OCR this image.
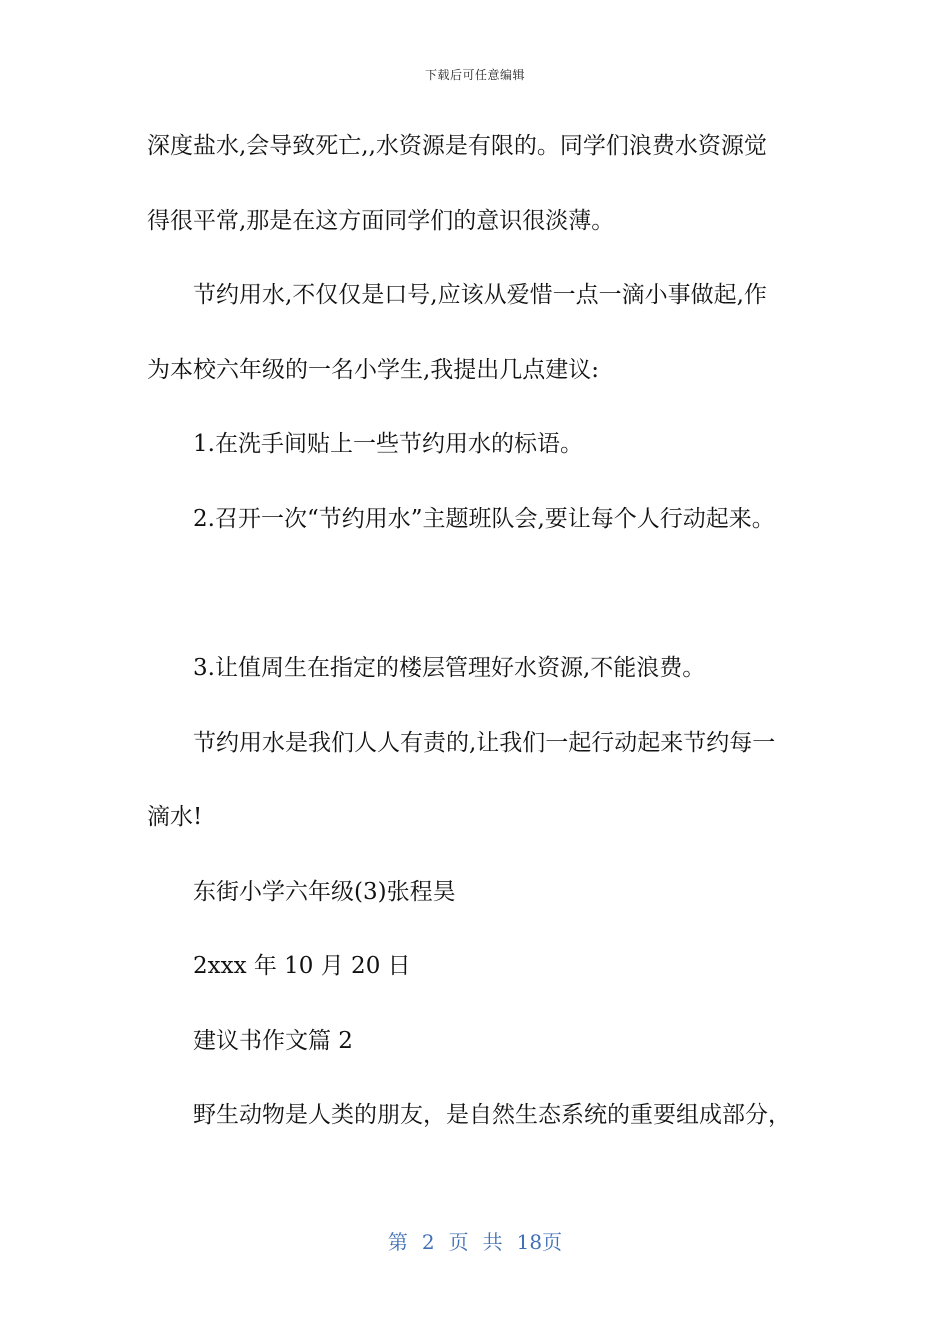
下载后可任意编辑
深度盐水,会导致死亡,,水资源是有限的。同学们浪费水资源觉
得很平常,那是在这方面同学们的意识很淡薄。
节约用水,不仅仅是口号,应该从爱惜一点一滴小事做起,作
为本校六年级的一名小学生,我提出几点建议:
1.在洗手间贴上一些节约用水的标语。
2.召开一次“节约用水”主题班队会,要让每个人行动起来。
3.让值周生在指定的楼层管理好水资源,不能浪费。
节约用水是我们人人有责的,让我们一起行动起来节约每一
滴水!
东街小学六年级(3)张程昊
2xxx 年 10 月 20 日
建议书作文篇 2
野生动物是人类的朋友，是自然生态系统的重要组成部分，
第 2 页 共 18页
